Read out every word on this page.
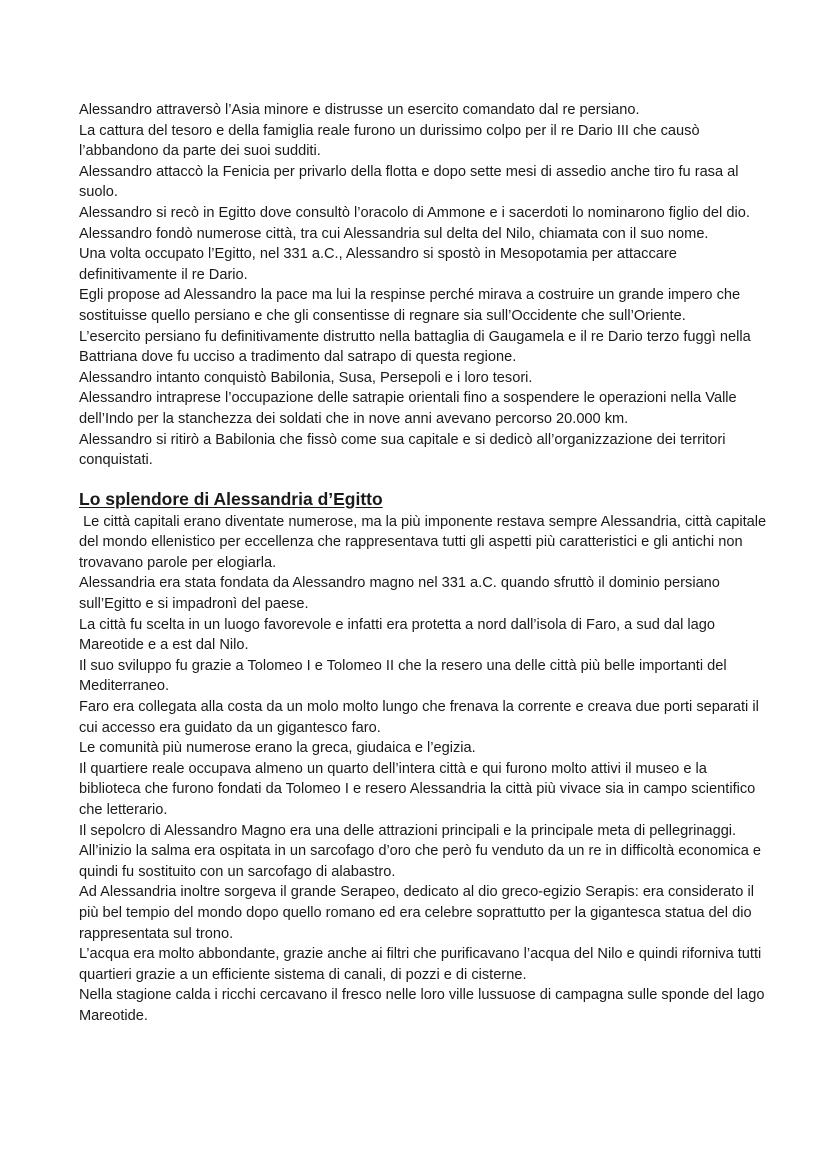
Alessandro attraversò l’Asia minore e distrusse un esercito comandato dal re persiano.

La cattura del tesoro e della famiglia reale furono un durissimo colpo per il re Dario III che causò l’abbandono da parte dei suoi sudditi.

Alessandro attaccò la Fenicia per privarlo della flotta e dopo sette mesi di assedio anche tiro fu rasa al suolo.

Alessandro si recò in Egitto dove consultò l’oracolo di Ammone e i sacerdoti lo nominarono figlio del dio.

Alessandro fondò numerose città, tra cui Alessandria sul delta del Nilo, chiamata con il suo nome.

Una volta occupato l’Egitto, nel 331 a.C., Alessandro si spostò in Mesopotamia per attaccare definitivamente il re Dario.

Egli propose ad Alessandro la pace ma lui la respinse perché mirava a costruire un grande impero che sostituisse quello persiano e che gli consentisse di regnare sia sull’Occidente che sull’Oriente.

L’esercito persiano fu definitivamente distrutto nella battaglia di Gaugamela e il re Dario terzo fuggì nella Battriana dove fu ucciso a tradimento dal satrapo di questa regione.

Alessandro intanto conquistò Babilonia, Susa, Persepoli e i loro tesori.

Alessandro intraprese l’occupazione delle satrapie orientali fino a sospendere le operazioni nella Valle dell’Indo per la stanchezza dei soldati che in nove anni avevano percorso 20.000 km.

Alessandro si ritirò a Babilonia che fissò come sua capitale e si dedicò all’organizzazione dei territori conquistati.

Lo splendore di Alessandria d’Egitto

Le città capitali erano diventate numerose, ma la più imponente restava sempre Alessandria, città capitale del mondo ellenistico per eccellenza che rappresentava tutti gli aspetti più caratteristici e gli antichi non trovavano parole per elogiarla.

Alessandria era stata fondata da Alessandro magno nel 331 a.C. quando sfruttò il dominio persiano sull’Egitto e si impadronì del paese.

La città fu scelta in un luogo favorevole e infatti era protetta a nord dall’isola di Faro, a sud dal lago Mareotide e a est dal Nilo.

Il suo sviluppo fu grazie a Tolomeo I e Tolomeo II che la resero una delle città più belle importanti del Mediterraneo.

Faro era collegata alla costa da un molo molto lungo che frenava la corrente e creava due porti separati il cui accesso era guidato da un gigantesco faro.

Le comunità più numerose erano la greca, giudaica e l’egizia.

Il quartiere reale occupava almeno un quarto dell’intera città e qui furono molto attivi il museo e la biblioteca che furono fondati da Tolomeo I e resero Alessandria la città più vivace sia in campo scientifico che letterario.

Il sepolcro di Alessandro Magno era una delle attrazioni principali e la principale meta di pellegrinaggi.

All’inizio la salma era ospitata in un sarcofago d’oro che però fu venduto da un re in difficoltà economica e quindi fu sostituito con un sarcofago di alabastro.

Ad Alessandria inoltre sorgeva il grande Serapeo, dedicato al dio greco-egizio Serapis: era considerato il più bel tempio del mondo dopo quello romano ed era celebre soprattutto per la gigantesca statua del dio rappresentata sul trono.

L’acqua era molto abbondante, grazie anche ai filtri che purificavano l’acqua del Nilo e quindi riforniva tutti quartieri grazie a un efficiente sistema di canali, di pozzi e di cisterne.

Nella stagione calda i ricchi cercavano il fresco nelle loro ville lussuose di campagna sulle sponde del lago Mareotide.
